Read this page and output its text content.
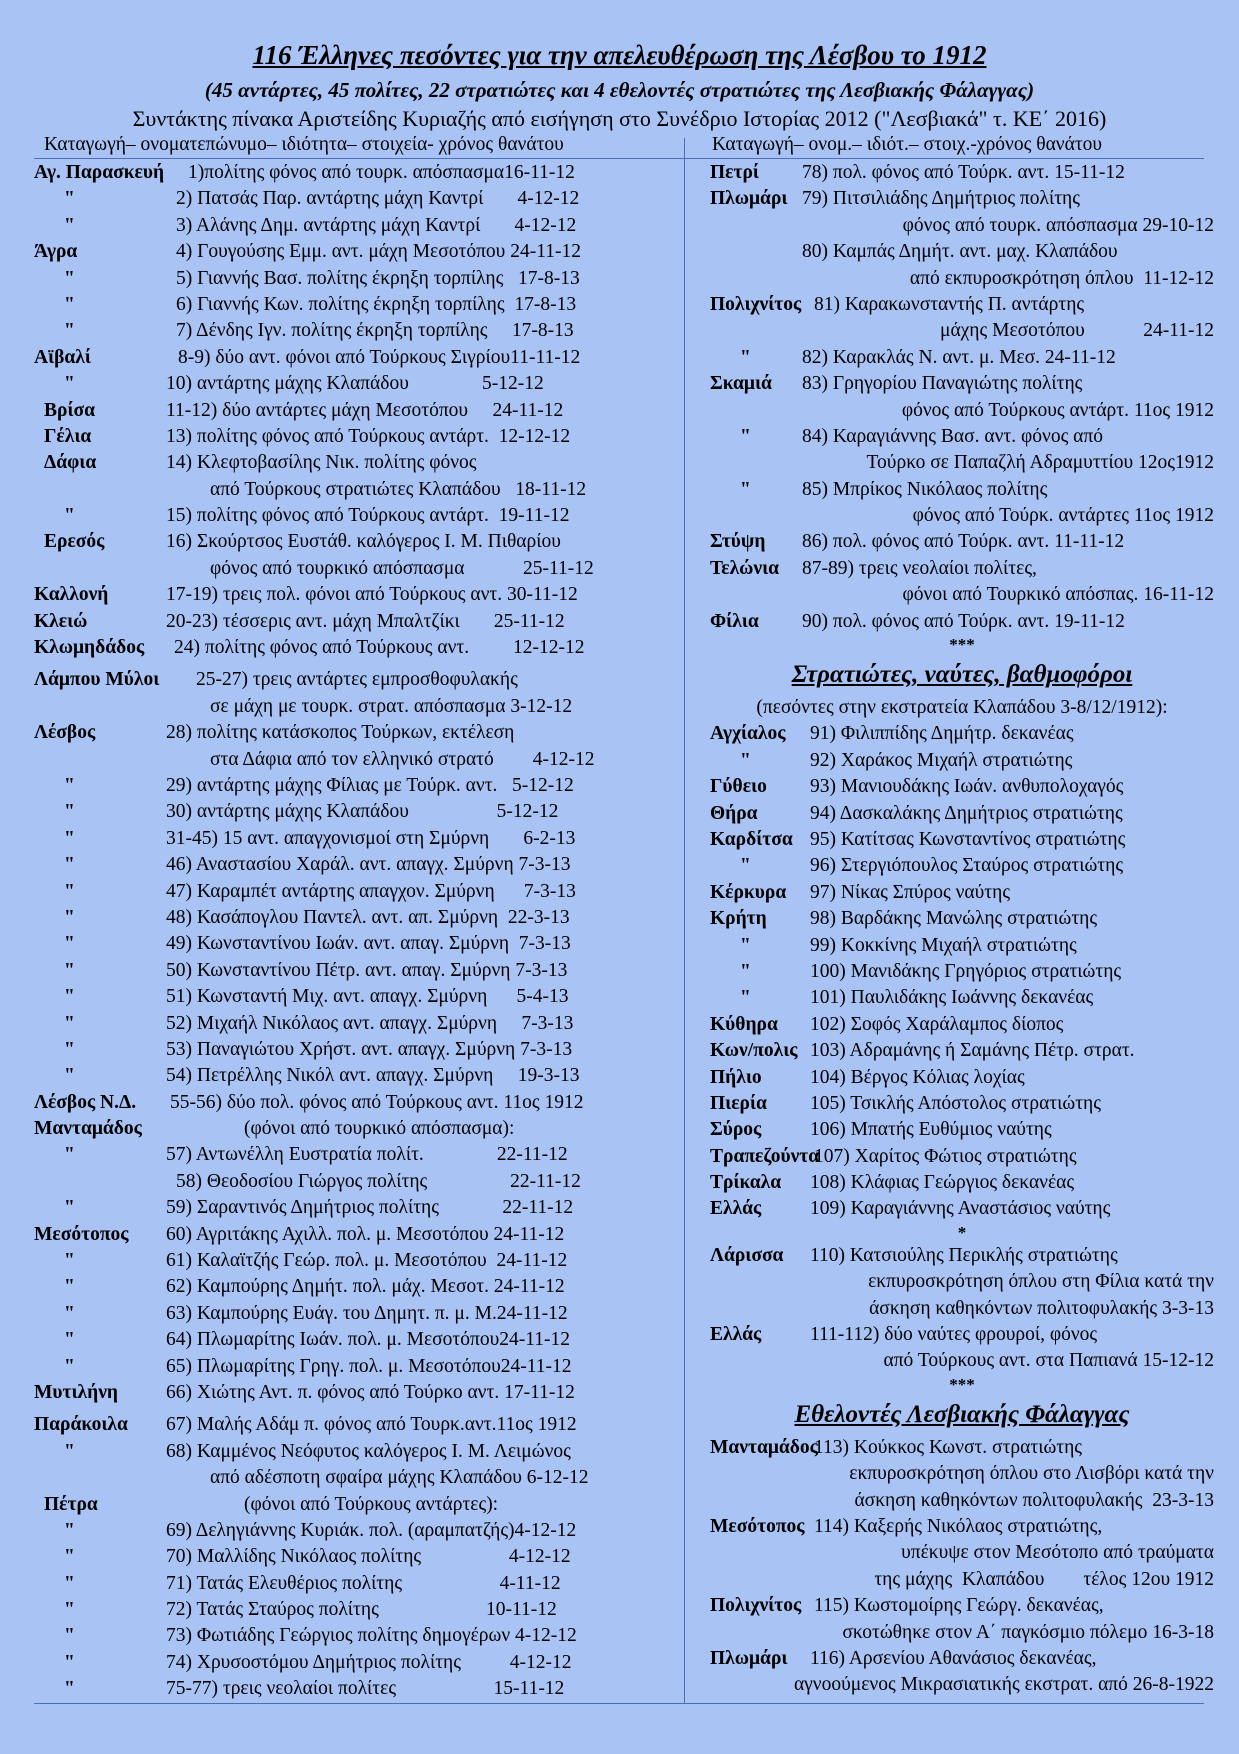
116 Έλληνες πεσόντες για την απελευθέρωση της Λέσβου το 1912
(45 αντάρτες, 45 πολίτες, 22 στρατιώτες και 4 εθελοντές στρατιώτες της Λεσβιακής Φάλαγγας)
Συντάκτης πίνακα Αριστείδης Κυριαζής από εισήγηση στο Συνέδριο Ιστορίας 2012 ("Λεσβιακά" τ. ΚΕ΄ 2016)
Καταγωγή– ονοματεπώνυμο– ιδιότητα– στοιχεία- χρόνος θανάτου	Καταγωγή– ονομ.– ιδιότ.– στοιχ.-χρόνος θανάτου
Αγ. Παρασκευή 1)πολίτης φόνος από τουρκ. απόσπασμα16-11-12
"	2) Πατσάς Παρ. αντάρτης μάχη Καντρί       4-12-12
"	3) Αλάνης Δημ. αντάρτης μάχη Καντρί       4-12-12
Άγρα	4) Γουγούσης Εμμ. αντ. μάχη Μεσοτόπου 24-11-12
"	5) Γιαννής Βασ. πολίτης έκρηξη τορπίλης   17-8-13
"	6) Γιαννής Κων. πολίτης έκρηξη τορπίλης  17-8-13
"	7) Δένδης Ιγν. πολίτης έκρηξη τορπίλης     17-8-13
Αϊβαλί	8-9) δύο αντ. φόνοι από Τούρκους Σιγρίου11-11-12
"	10) αντάρτης μάχης Κλαπάδου               5-12-12
Βρίσα	11-12) δύο αντάρτες μάχη Μεσοτόπου     24-11-12
Γέλια	13) πολίτης φόνος από Τούρκους αντάρτ.  12-12-12
Δάφια	14) Κλεφτοβασίλης Νικ. πολίτης φόνος
από Τούρκους στρατιώτες Κλαπάδου   18-11-12
"	15) πολίτης φόνος από Τούρκους αντάρτ.  19-11-12
Ερεσός	16) Σκούρτσος Ευστάθ. καλόγερος Ι. Μ. Πιθαρίου
φόνος από τουρκικό απόσπασμα            25-11-12
Καλλονή	17-19) τρεις πολ. φόνοι από Τούρκους αντ. 30-11-12
Κλειώ	20-23) τέσσερις αντ. μάχη Μπαλτζίκι       25-11-12
Κλωμηδάδος 24) πολίτης φόνος από Τούρκους αντ.         12-12-12
Λάμπου Μύλοι 25-27) τρεις αντάρτες εμπροσθοφυλακής
σε μάχη με τουρκ. στρατ. απόσπασμα 3-12-12
Λέσβος	28) πολίτης κατάσκοπος Τούρκων, εκτέλεση
στα Δάφια από τον ελληνικό στρατό        4-12-12
"	29) αντάρτης μάχης Φίλιας με Τούρκ. αντ.   5-12-12
"	30) αντάρτης μάχης Κλαπάδου                  5-12-12
"	31-45) 15 αντ. απαγχονισμοί στη Σμύρνη       6-2-13
"	46) Αναστασίου Χαράλ. αντ. απαγχ. Σμύρνη 7-3-13
"	47) Καραμπέτ αντάρτης απαγχον. Σμύρνη      7-3-13
"	48) Κασάπογλου Παντελ. αντ. απ. Σμύρνη  22-3-13
"	49) Κωνσταντίνου Ιωάν. αντ. απαγ. Σμύρνη  7-3-13
"	50) Κωνσταντίνου Πέτρ. αντ. απαγ. Σμύρνη 7-3-13
"	51) Κωνσταντή Μιχ. αντ. απαγχ. Σμύρνη      5-4-13
"	52) Μιχαήλ Νικόλαος αντ. απαγχ. Σμύρνη     7-3-13
"	53) Παναγιώτου Χρήστ. αντ. απαγχ. Σμύρνη 7-3-13
"	54) Πετρέλλης Νικόλ αντ. απαγχ. Σμύρνη     19-3-13
Λέσβος Ν.Δ. 55-56) δύο πολ. φόνος από Τούρκους αντ. 11ος 1912
Μανταμάδος	(φόνοι από τουρκικό απόσπασμα):
"	57) Αντωνέλλη Ευστρατία πολίτ.               22-11-12
58) Θεοδοσίου Γιώργος πολίτης                 22-11-12
"	59) Σαραντινός Δημήτριος πολίτης             22-11-12
Μεσότοπος 60) Αγριτάκης Αχιλλ. πολ. μ. Μεσοτόπου 24-11-12
"	61) Καλαϊτζής Γεώρ. πολ. μ. Μεσοτόπου  24-11-12
"	62) Καμπούρης Δημήτ. πολ. μάχ. Μεσοτ. 24-11-12
"	63) Καμπούρης Ευάγ. του Δημητ. π. μ. Μ.24-11-12
"	64) Πλωμαρίτης Ιωάν. πολ. μ. Μεσοτόπου24-11-12
"	65) Πλωμαρίτης Γρηγ. πολ. μ. Μεσοτόπου24-11-12
Μυτιλήνη 66) Χιώτης Αντ. π. φόνος από Τούρκο αντ. 17-11-12
Παράκοιλα 67) Μαλής Αδάμ π. φόνος από Τουρκ.αντ.11ος 1912
"	68) Καμμένος Νεόφυτος καλόγερος Ι. Μ. Λειμώνος
από αδέσποτη σφαίρα μάχης Κλαπάδου 6-12-12
Πέτρα	(φόνοι από Τούρκους αντάρτες):
"	69) Δεληγιάννης Κυριάκ. πολ. (αραμπατζής)4-12-12
"	70) Μαλλίδης Νικόλαος πολίτης                  4-12-12
"	71) Τατάς Ελευθέριος πολίτης                    4-11-12
"	72) Τατάς Σταύρος πολίτης                      10-11-12
"	73) Φωτιάδης Γεώργιος πολίτης δημογέρων 4-12-12
"	74) Χρυσοστόμου Δημήτριος πολίτης          4-12-12
"	75-77) τρεις νεολαίοι πολίτες                    15-11-12
Πετρί 78) πολ. φόνος από Τούρκ. αντ. 15-11-12
Πλωμάρι 79) Πιτσιλιάδης Δημήτριος πολίτης
φόνος από τουρκ. απόσπασμα 29-10-12
80) Καμπάς Δημήτ. αντ. μαχ. Κλαπάδου
από εκπυροσκρότηση όπλου  11-12-12
Πολιχνίτος 81) Καρακωνσταντής Π. αντάρτης
μάχης Μεσοτόπου            24-11-12
"	82) Καρακλάς Ν. αντ. μ. Μεσ. 24-11-12
Σκαμιά 83) Γρηγορίου Παναγιώτης πολίτης
φόνος από Τούρκους αντάρτ. 11ος 1912
"	84) Καραγιάννης Βασ. αντ. φόνος από
Τούρκο σε Παπαζλή Αδραμυττίου 12ος1912
"	85) Μπρίκος Νικόλαος πολίτης
φόνος από Τούρκ. αντάρτες 11ος 1912
Στύψη 86) πολ. φόνος από Τούρκ. αντ. 11-11-12
Τελώνια 87-89) τρεις νεολαίοι πολίτες,
φόνοι από Τουρκικό απόσπας. 16-11-12
Φίλια 90) πολ. φόνος από Τούρκ. αντ. 19-11-12
***
Στρατιώτες, ναύτες, βαθμοφόροι
(πεσόντες στην εκστρατεία Κλαπάδου 3-8/12/1912):
Αγχίαλος 91) Φιλιππίδης Δημήτρ. δεκανέας
"	92) Χαράκος Μιχαήλ στρατιώτης
Γύθειο 93) Μανιουδάκης Ιωάν. ανθυπολοχαγός
Θήρα	94) Δασκαλάκης Δημήτριος στρατιώτης
Καρδίτσα 95) Κατίτσας Κωνσταντίνος στρατιώτης
"	96) Στεργιόπουλος Σταύρος στρατιώτης
Κέρκυρα 97) Νίκας Σπύρος ναύτης
Κρήτη 98) Βαρδάκης Μανώλης στρατιώτης
"	99) Κοκκίνης Μιχαήλ στρατιώτης
"	100) Μανιδάκης Γρηγόριος στρατιώτης
"	101) Παυλιδάκης Ιωάννης δεκανέας
Κύθηρα 102) Σοφός Χαράλαμπος δίοπος
Κων/πολις 103) Αδραμάνης ή Σαμάνης Πέτρ. στρατ.
Πήλιο 104) Βέργος Κόλιας λοχίας
Πιερία 105) Τσικλής Απόστολος στρατιώτης
Σύρος 106) Μπατής Ευθύμιος ναύτης
Τραπεζούντα
107) Χαρίτος Φώτιος στρατιώτης
Τρίκαλα 108) Κλάφιας Γεώργιος δεκανέας
Ελλάς 109) Καραγιάννης Αναστάσιος ναύτης
*
Λάρισσα 110) Κατσιούλης Περικλής στρατιώτης
εκπυροσκρότηση όπλου στη Φίλια κατά την
άσκηση καθηκόντων πολιτοφυλακής 3-3-13
Ελλάς 111-112) δύο ναύτες φρουροί, φόνος
από Τούρκους αντ. στα Παπιανά 15-12-12
***
Εθελοντές Λεσβιακής Φάλαγγας
Μανταμάδος
113) Κούκκος Κωνστ. στρατιώτης
εκπυροσκρότηση όπλου στο Λισβόρι κατά την
άσκηση καθηκόντων πολιτοφυλακής  23-3-13
Μεσότοπος 114) Καξερής Νικόλαος στρατιώτης,
υπέκυψε στον Μεσότοπο από τραύματα
της μάχης  Κλαπάδου        τέλος 12ου 1912
Πολιχνίτος 115) Κωστομοίρης Γεώργ. δεκανέας,
σκοτώθηκε στον Α΄ παγκόσμιο πόλεμο 16-3-18
Πλωμάρι 116) Αρσενίου Αθανάσιος δεκανέας,
αγνοούμενος Μικρασιατικής εκστρατ. από 26-8-1922
